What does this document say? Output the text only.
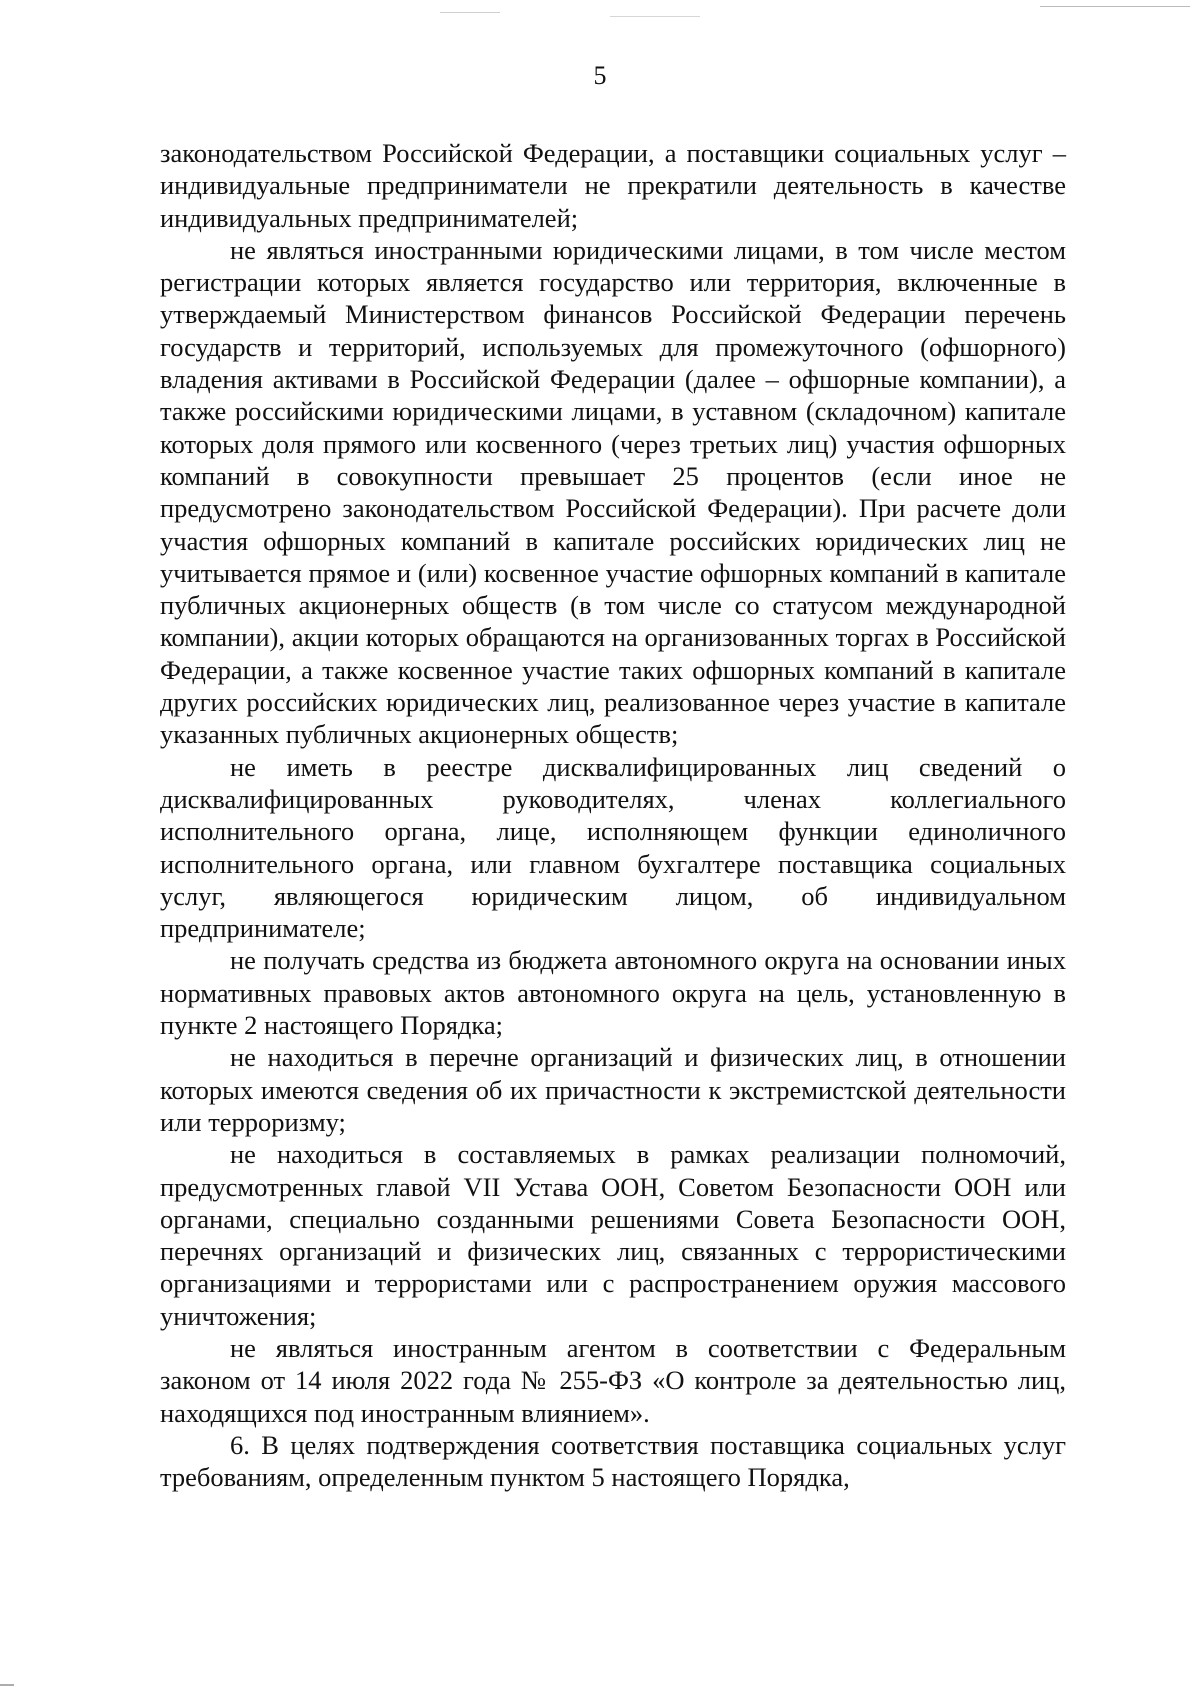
5

законодательством Российской Федерации, а поставщики социальных услуг – индивидуальные предприниматели не прекратили деятельность в качестве индивидуальных предпринимателей;

не являться иностранными юридическими лицами, в том числе местом регистрации которых является государство или территория, включенные в утверждаемый Министерством финансов Российской Федерации перечень государств и территорий, используемых для промежуточного (офшорного) владения активами в Российской Федерации (далее – офшорные компании), а также российскими юридическими лицами, в уставном (складочном) капитале которых доля прямого или косвенного (через третьих лиц) участия офшорных компаний в совокупности превышает 25 процентов (если иное не предусмотрено законодательством Российской Федерации). При расчете доли участия офшорных компаний в капитале российских юридических лиц не учитывается прямое и (или) косвенное участие офшорных компаний в капитале публичных акционерных обществ (в том числе со статусом международной компании), акции которых обращаются на организованных торгах в Российской Федерации, а также косвенное участие таких офшорных компаний в капитале других российских юридических лиц, реализованное через участие в капитале указанных публичных акционерных обществ;

не иметь в реестре дисквалифицированных лиц сведений о дисквалифицированных руководителях, членах коллегиального исполнительного органа, лице, исполняющем функции единоличного исполнительного органа, или главном бухгалтере поставщика социальных услуг, являющегося юридическим лицом, об индивидуальном предпринимателе;

не получать средства из бюджета автономного округа на основании иных нормативных правовых актов автономного округа на цель, установленную в пункте 2 настоящего Порядка;

не находиться в перечне организаций и физических лиц, в отношении которых имеются сведения об их причастности к экстремистской деятельности или терроризму;

не находиться в составляемых в рамках реализации полномочий, предусмотренных главой VII Устава ООН, Советом Безопасности ООН или органами, специально созданными решениями Совета Безопасности ООН, перечнях организаций и физических лиц, связанных с террористическими организациями и террористами или с распространением оружия массового уничтожения;

не являться иностранным агентом в соответствии с Федеральным законом от 14 июля 2022 года № 255-ФЗ «О контроле за деятельностью лиц, находящихся под иностранным влиянием».

6. В целях подтверждения соответствия поставщика социальных услуг требованиям, определенным пунктом 5 настоящего Порядка,
